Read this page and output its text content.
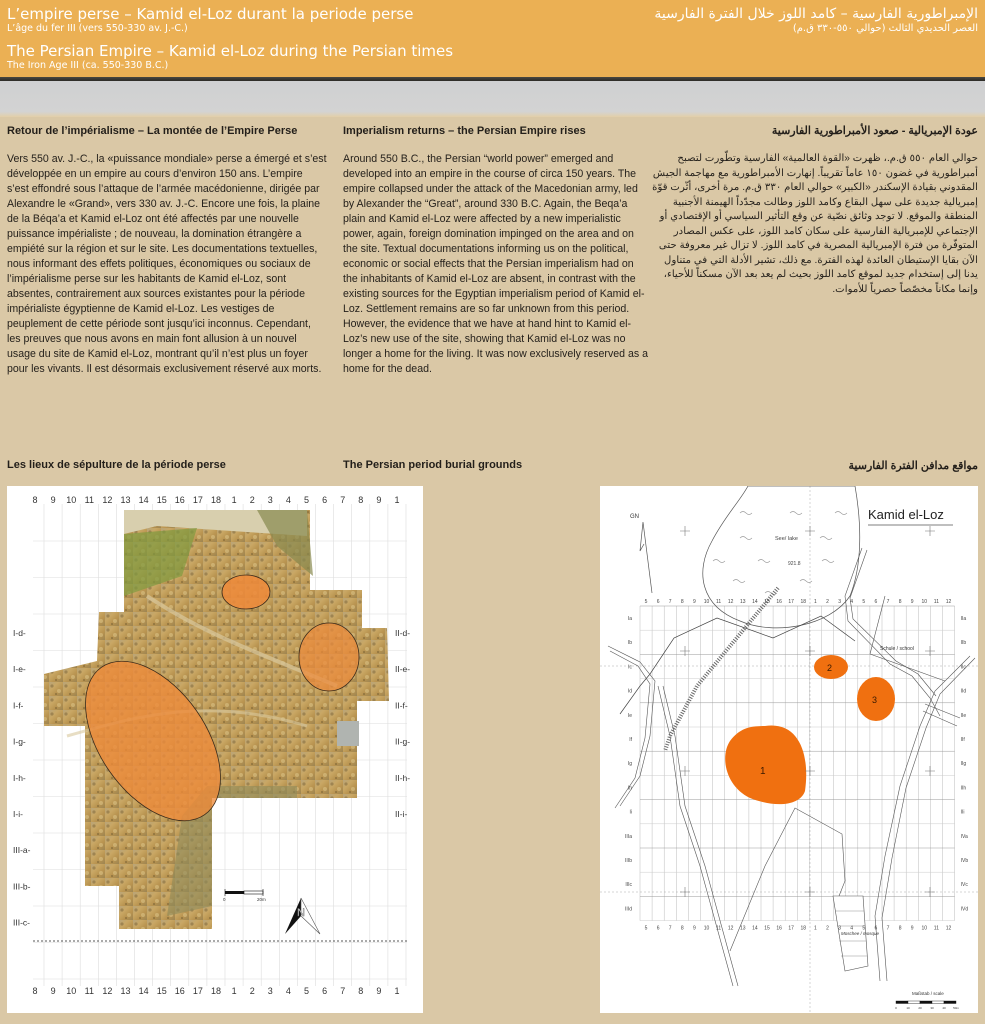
L’empire perse – Kamid el-Loz durant la periode perse
L’âge du fer III (vers 550-330 av. J.-C.)
The Persian Empire – Kamid el-Loz during the Persian times
The Iron Age III (ca. 550-330 B.C.)
الإمبراطورية الفارسية – كامد اللوز خلال الفترة الفارسية
العصر الحديدي الثالث (حوالي ٥٥٠-٣٣٠ ق.م)
Retour de l’impérialisme – La montée de l’Empire Perse
Vers 550 av. J.-C., la «puissance mondiale» perse a émergé et s’est développée en un empire au cours d’environ 150 ans. L’empire s’est effondré sous l’attaque de l’armée macédonienne, dirigée par Alexandre le «Grand», vers 330 av. J.-C. Encore une fois, la plaine de la Béqa’a et Kamid el-Loz ont été affectés par une nouvelle puissance impérialiste ; de nouveau, la domination étrangère a empiété sur la région et sur le site. Les documentations textuelles, nous informant des effets politiques, économiques ou sociaux de l’impérialisme perse sur les habitants de Kamid el-Loz, sont absentes, contrairement aux sources existantes pour la période impérialiste égyptienne de Kamid el-Loz. Les vestiges de peuplement de cette période sont jusqu’ici inconnus. Cependant, les preuves que nous avons en main font allusion à un nouvel usage du site de Kamid el-Loz, montrant qu’il n’est plus un foyer pour les vivants. Il est désormais exclusivement réservé aux morts.
Imperialism returns – the Persian Empire rises
Around 550 B.C., the Persian “world power” emerged and developed into an empire in the course of circa 150 years. The empire collapsed under the attack of the Macedonian army, led by Alexander the “Great”, around 330 B.C. Again, the Beqa’a plain and Kamid el-Loz were affected by a new imperialistic power, again, foreign domination impinged on the area and on the site. Textual documentations informing us on the political, economic or social effects that the Persian imperialism had on the inhabitants of Kamid el-Loz are absent, in contrast with the existing sources for the Egyptian imperialism period of Kamid el-Loz. Settlement remains are so far unknown from this period. However, the evidence that we have at hand hint to Kamid el-Loz’s new use of the site, showing that Kamid el-Loz was no longer a home for the living. It was now exclusively reserved as a home for the dead.
عودة الإمبريالية - صعود الأمبراطورية الفارسية
حوالي العام ٥٥٠ ق.م.، ظهرت «القوة العالمية» الفارسية وتطّورت لتصبح أمبراطورية في غضون ١٥٠ عاماً تقريباً. إنهارت الأمبراطورية مع مهاجمة الجيش المقدوني بقيادة الإسكندر «الكبير» حوالي العام ٣٣٠ ق.م. مرة أخرى، أثّرت قوّة إمبريالية جديدة على سهل البقاع وكامد اللوز وطالت مجدّداً الهيمنة الأجنبية المنطقة والموقع. لا توجد وثائق نصّية عن وقع التأثير السياسي أو الإقتصادي أو الإجتماعي للإمبريالية الفارسية على سكان كامد اللوز، على عكس المصادر المتوفّرة من فترة الإمبريالية المصرية في كامد اللوز. لا تزال غير معروفة حتى الآن بقايا الإستيطان العائدة لهذه الفترة. مع ذلك، تشير الأدلة التي في متناول يدنا إلى إستخدام جديد لموقع كامد اللوز بحيث لم يعد بعد الآن مسكناً للأحياء، وإنما مكاناً مخصّصاً حصرياً للأموات.
Les lieux de sépulture de la période perse	The Persian period burial grounds	مواقع مدافن الفترة الفارسية
0	20m
N
8
8
9
9
10
10
11
11
12
12
13
13
14
14
15
15
16
16
17
17
18
18
1
1
2
2
3
3
4
4
5
5
6
6
7
7
8
8
9
9
1
1
I-d-
I-e-
I-f-
I-g-
I-h-
I-i-
III-a-
III-b-
III-c-
II-d-
II-e-
II-f-
II-g-
II-h-
II-i-
Kamid el-Loz
GN
See/ lake
921.8
Moschee / mosque
Schule / school
1
2
3
Maßstab / scale
0	10	20	30	40 50m
5
5
6
6
7
7
8
8
9
9
10
10
11
11
12
12
13
13
14
14
15
15
16
16
17
17
18
18
1
1
2
2
3
3
4
4
5
5
6
6
7
7
8
8
9
9
10
10
11
11
12
12
Ia
Ib
Ic
Id
Ie
If
Ig
Ih
Ii
IIIa
IIIb
IIIc
IIId
IIa
IIb
IIc
IId
IIe
IIf
IIg
IIh
IIi
IVa
IVb
IVc
IVd
